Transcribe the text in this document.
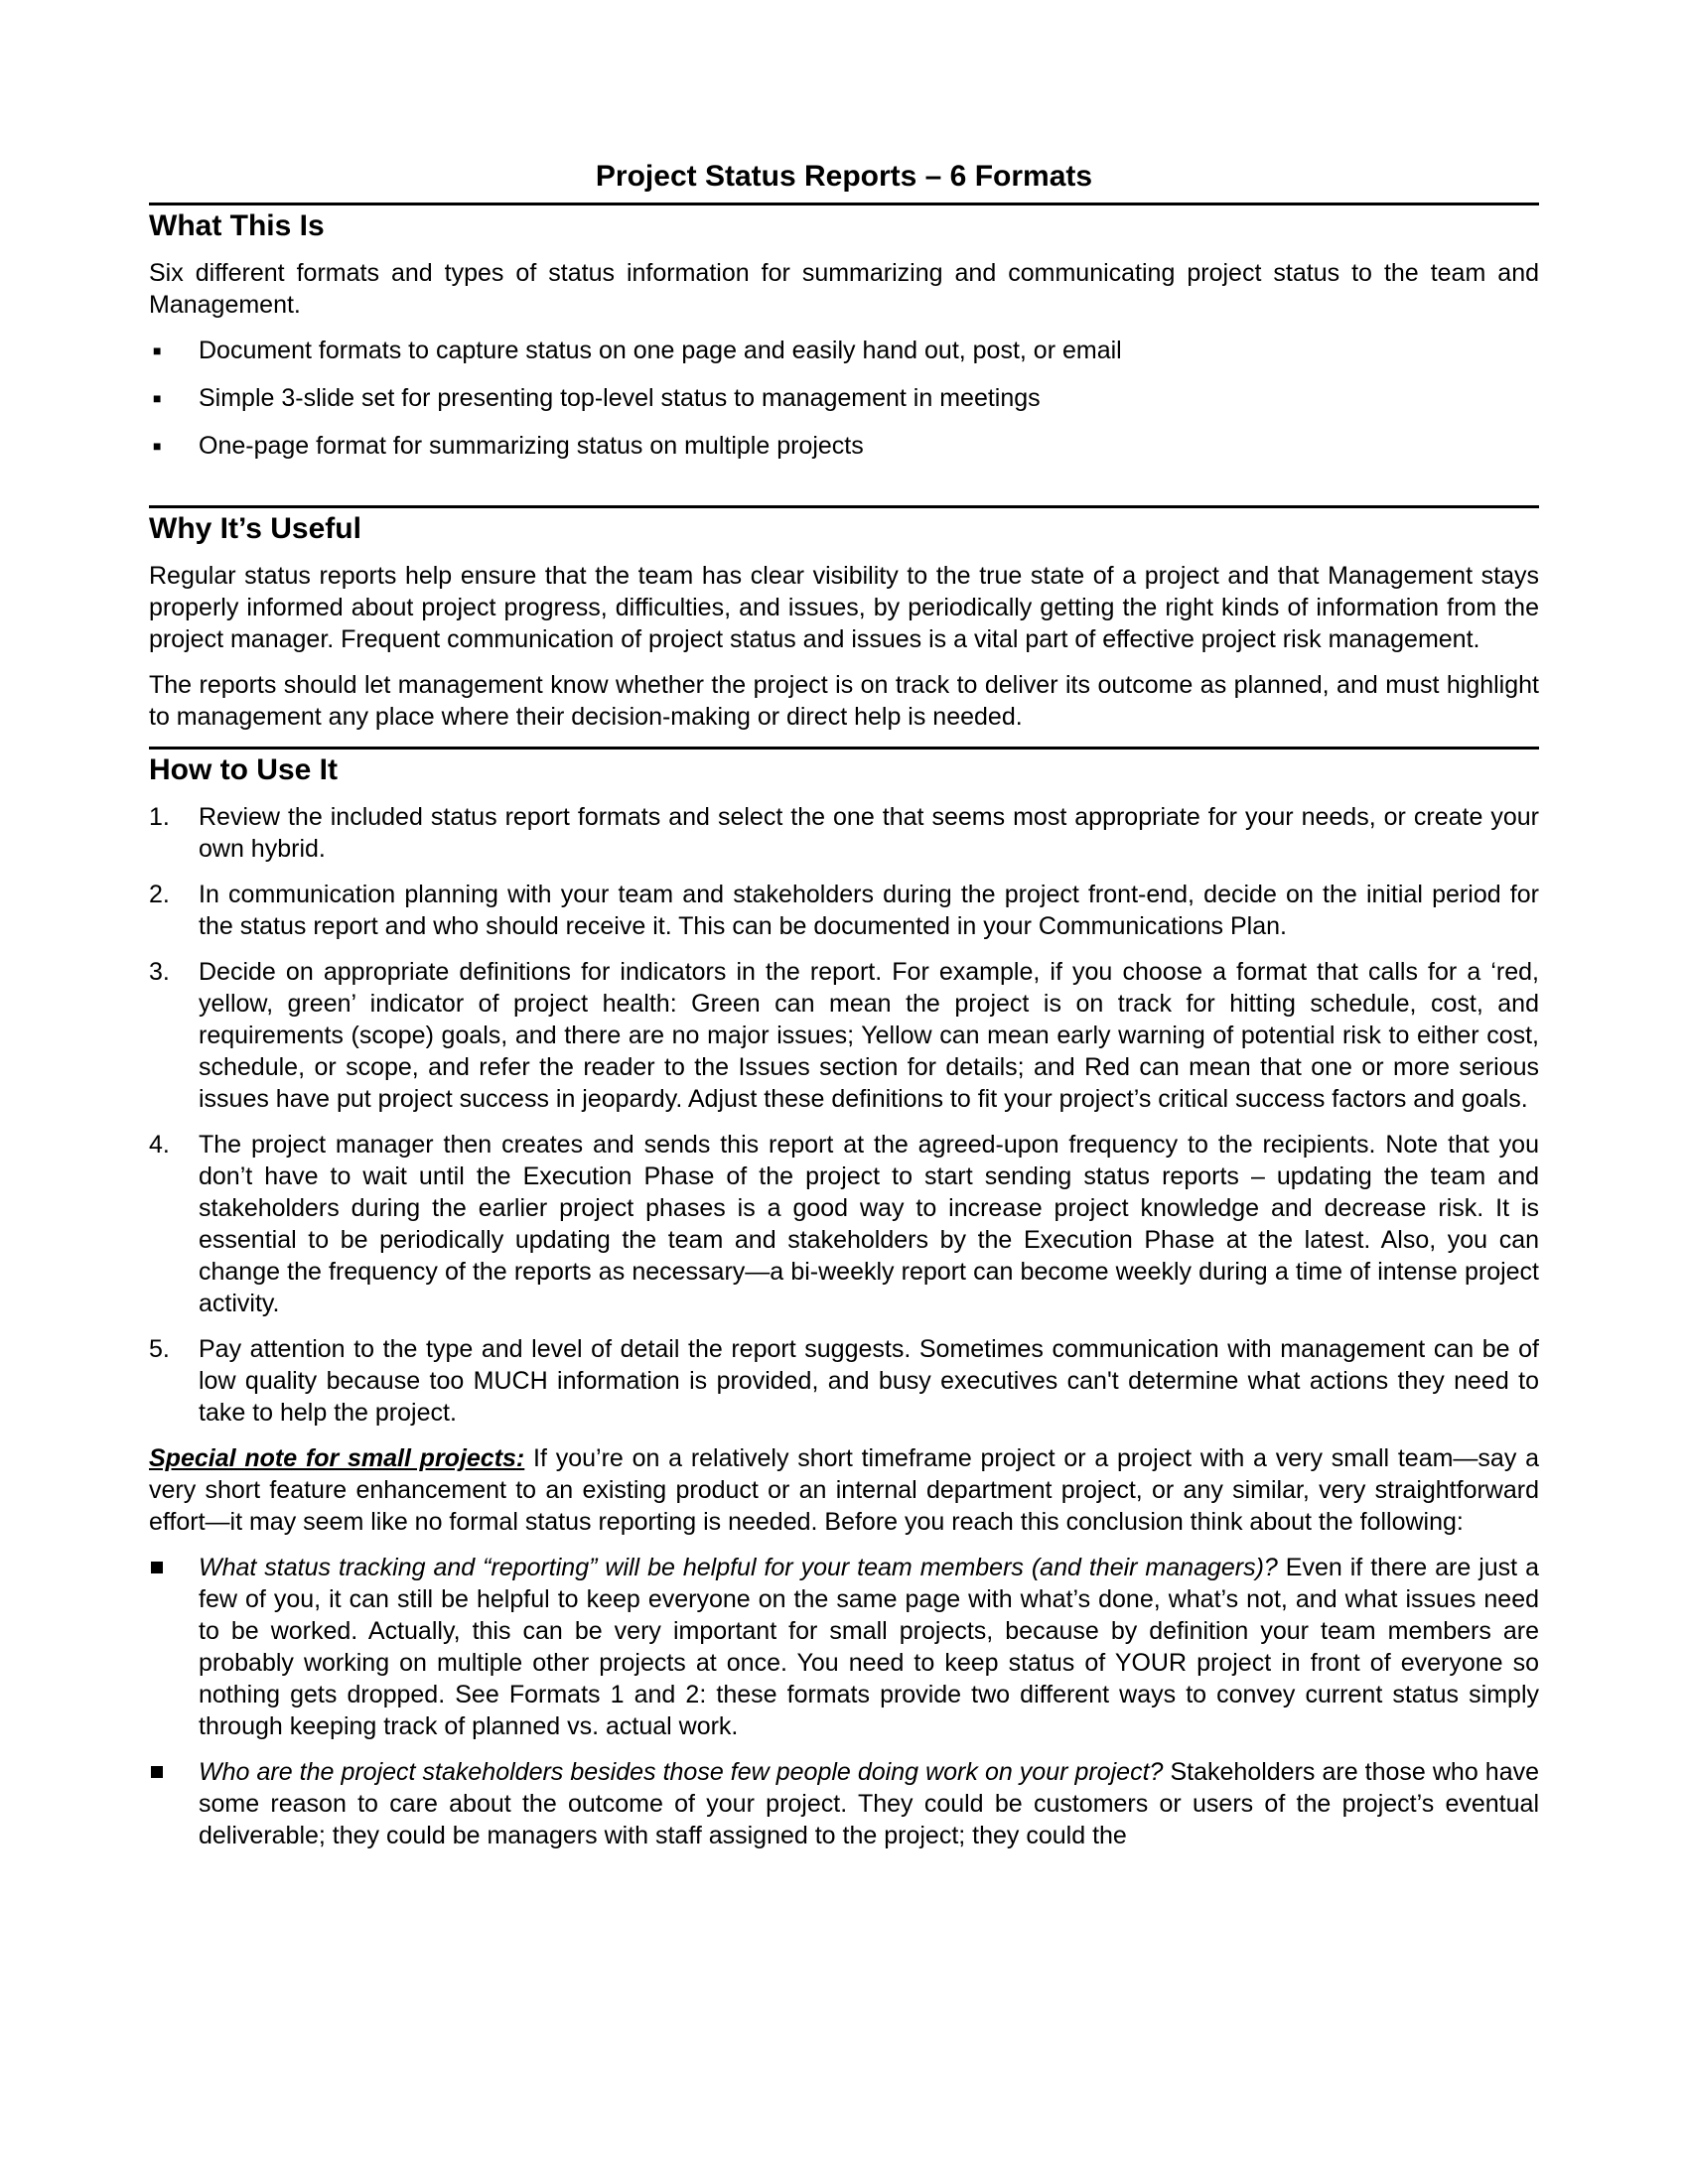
Project Status Reports – 6 Formats
What This Is

Six different formats and types of status information for summarizing and communicating project status to the team and Management.

■ Document formats to capture status on one page and easily hand out, post, or email
■ Simple 3-slide set for presenting top-level status to management in meetings
■ One-page format for summarizing status on multiple projects
Why It’s Useful

Regular status reports help ensure that the team has clear visibility to the true state of a project and that Management stays properly informed about project progress, difficulties, and issues, by periodically getting the right kinds of information from the project manager. Frequent communication of project status and issues is a vital part of effective project risk management.

The reports should let management know whether the project is on track to deliver its outcome as planned, and must highlight to management any place where their decision-making or direct help is needed.

How to Use It
1. Review the included status report formats and select the one that seems most appropriate for your needs, or create your own hybrid.
2. In communication planning with your team and stakeholders during the project front-end, decide on the initial period for the status report and who should receive it. This can be documented in your Communications Plan.
3. Decide on appropriate definitions for indicators in the report. For example, if you choose a format that calls for a ‘red, yellow, green’ indicator of project health: Green can mean the project is on track for hitting schedule, cost, and requirements (scope) goals, and there are no major issues; Yellow can mean early warning of potential risk to either cost, schedule, or scope, and refer the reader to the Issues section for details; and Red can mean that one or more serious issues have put project success in jeopardy. Adjust these definitions to fit your project’s critical success factors and goals.
4. The project manager then creates and sends this report at the agreed-upon frequency to the recipients. Note that you don’t have to wait until the Execution Phase of the project to start sending status reports – updating the team and stakeholders during the earlier project phases is a good way to increase project knowledge and decrease risk. It is essential to be periodically updating the team and stakeholders by the Execution Phase at the latest. Also, you can change the frequency of the reports as necessary—a bi-weekly report can become weekly during a time of intense project activity.
5. Pay attention to the type and level of detail the report suggests. Sometimes communication with management can be of low quality because too MUCH information is provided, and busy executives can't determine what actions they need to take to help the project.

Special note for small projects: If you’re on a relatively short timeframe project or a project with a very small team—say a very short feature enhancement to an existing product or an internal department project, or any similar, very straightforward effort—it may seem like no formal status reporting is needed. Before you reach this conclusion think about the following:

What status tracking and “reporting” will be helpful for your team members (and their managers)? Even if there are just a few of you, it can still be helpful to keep everyone on the same page with what’s done, what’s not, and what issues need to be worked. Actually, this can be very important for small projects, because by definition your team members are probably working on multiple other projects at once. You need to keep status of YOUR project in front of everyone so nothing gets dropped. See Formats 1 and 2: these formats provide two different ways to convey current status simply through keeping track of planned vs. actual work.
Who are the project stakeholders besides those few people doing work on your project? Stakeholders are those who have some reason to care about the outcome of your project. They could be customers or users of the project’s eventual deliverable; they could be managers with staff assigned to the project; they could the
